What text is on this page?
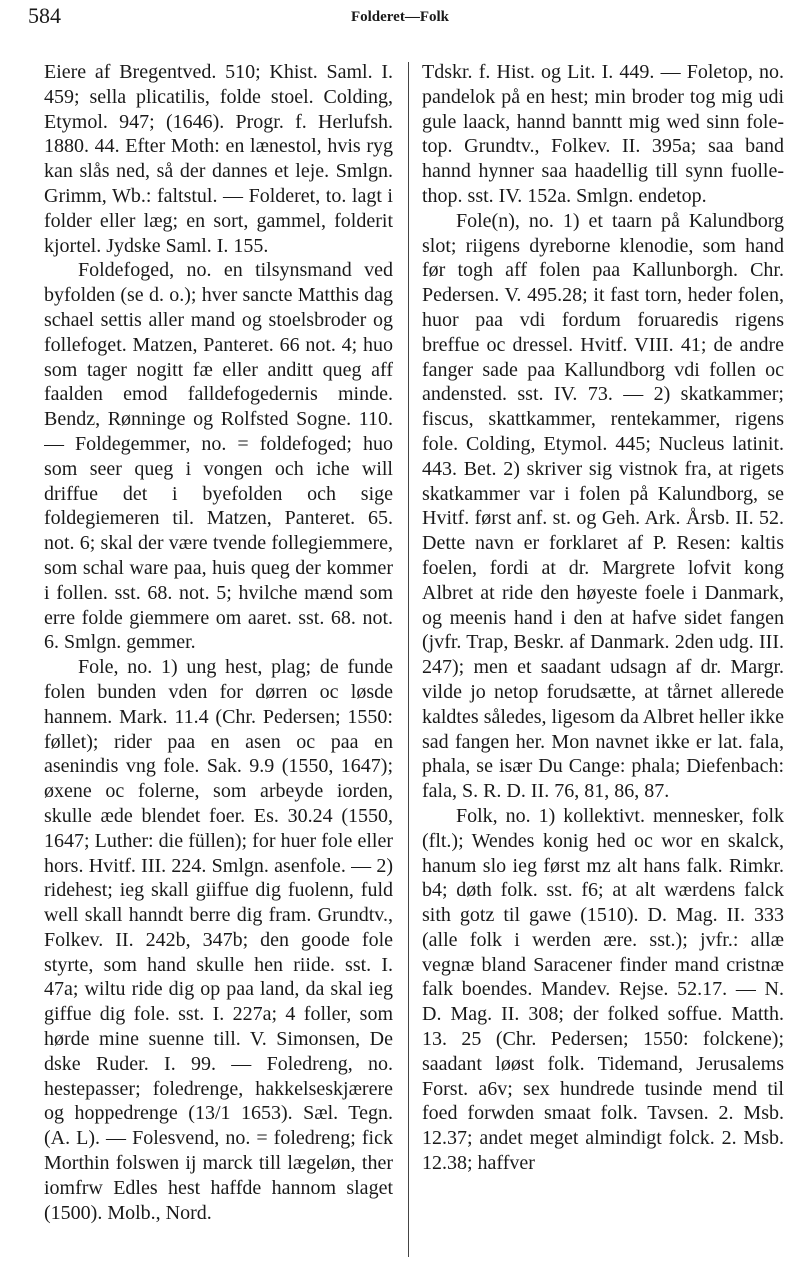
584	Folderet—Folk

Eiere af Bregentved. 510; Khist. Saml. I. 459; sella plicatilis, folde stoel. Colding, Etymol. 947; (1646). Progr. f. Herlufsh. 1880. 44. Efter Moth: en lænestol, hvis ryg kan slås ned, så der dannes et leje. Smlgn. Grimm, Wb.: faltstul. — Folderet, to. lagt i folder eller læg; en sort, gammel, folderit kjortel. Jydske Saml. I. 155.

Foldefoged, no. en tilsynsmand ved byfolden (se d. o.); hver sancte Matthis dag schael settis aller mand og stoelsbroder og follefoget. Matzen, Panteret. 66 not. 4; huo som tager nogitt fæ eller anditt queg aff faalden emod falldefogedernis minde. Bendz, Rønninge og Rolfsted Sogne. 110. — Foldegemmer, no. = foldefoged; huo som seer queg i vongen och iche will driffue det i byefolden och sige foldegiemeren til. Matzen, Panteret. 65. not. 6; skal der være tvende follegiemmere, som schal ware paa, huis queg der kommer i follen. sst. 68. not. 5; hvilche mænd som erre folde giemmere om aaret. sst. 68. not. 6. Smlgn. gemmer.

Fole, no. 1) ung hest, plag; de funde folen bunden vden for dørren oc løsde hannem. Mark. 11.4 (Chr. Pedersen; 1550: føllet); rider paa en asen oc paa en asenindis vng fole. Sak. 9.9 (1550, 1647); øxene oc folerne, som arbeyde iorden, skulle æde blendet foer. Es. 30.24 (1550, 1647; Luther: die füllen); for huer fole eller hors. Hvitf. III. 224. Smlgn. asenfole. — 2) ridehest; ieg skall giiffue dig fuolenn, fuld well skall hanndt berre dig fram. Grundtv., Folkev. II. 242b, 347b; den goode fole styrte, som hand skulle hen riide. sst. I. 47a; wiltu ride dig op paa land, da skal ieg giffue dig fole. sst. I. 227a; 4 foller, som hørde mine suenne till. V. Simonsen, De dske Ruder. I. 99. — Foledreng, no. hestepasser; foledrenge, hakkelseskjærere og hoppedrenge (13/1 1653). Sæl. Tegn. (A. L). — Folesvend, no. = foledreng; fick Morthin folswen ij marck till lægeløn, ther iomfrw Edles hest haffde hannom slaget (1500). Molb., Nord.

Tdskr. f. Hist. og Lit. I. 449. — Foletop, no. pandelok på en hest; min broder tog mig udi gule laack, hannd banntt mig wed sinn fole-top. Grundtv., Folkev. II. 395a; saa band hannd hynner saa haadellig till synn fuolle-thop. sst. IV. 152a. Smlgn. endetop.

Fole(n), no. 1) et taarn på Kalundborg slot; riigens dyreborne klenodie, som hand før togh aff folen paa Kallunborgh. Chr. Pedersen. V. 495.28; it fast torn, heder folen, huor paa vdi fordum foruaredis rigens breffue oc dressel. Hvitf. VIII. 41; de andre fanger sade paa Kallundborg vdi follen oc andensted. sst. IV. 73. — 2) skatkammer; fiscus, skattkammer, rentekammer, rigens fole. Colding, Etymol. 445; Nucleus latinit. 443. Bet. 2) skriver sig vistnok fra, at rigets skatkammer var i folen på Kalundborg, se Hvitf. først anf. st. og Geh. Ark. Årsb. II. 52. Dette navn er forklaret af P. Resen: kaltis foelen, fordi at dr. Margrete lofvit kong Albret at ride den høyeste foele i Danmark, og meenis hand i den at hafve sidet fangen (jvfr. Trap, Beskr. af Danmark. 2den udg. III. 247); men et saadant udsagn af dr. Margr. vilde jo netop forudsætte, at tårnet allerede kaldtes således, ligesom da Albret heller ikke sad fangen her. Mon navnet ikke er lat. fala, phala, se især Du Cange: phala; Diefenbach: fala, S. R. D. II. 76, 81, 86, 87.

Folk, no. 1) kollektivt. mennesker, folk (flt.); Wendes konig hed oc wor en skalck, hanum slo ieg først mz alt hans falk. Rimkr. b4; døth folk. sst. f6; at alt wærdens falck sith gotz til gawe (1510). D. Mag. II. 333 (alle folk i werden ære. sst.); jvfr.: allæ vegnæ bland Saracener finder mand cristnæ falk boendes. Mandev. Rejse. 52.17. — N. D. Mag. II. 308; der folked soffue. Matth. 13. 25 (Chr. Pedersen; 1550: folckene); saadant løøst folk. Tidemand, Jerusalems Forst. a6v; sex hundrede tusinde mend til foed forwden smaat folk. Tavsen. 2. Msb. 12.37; andet meget almindigt folck. 2. Msb. 12.38; haffver
